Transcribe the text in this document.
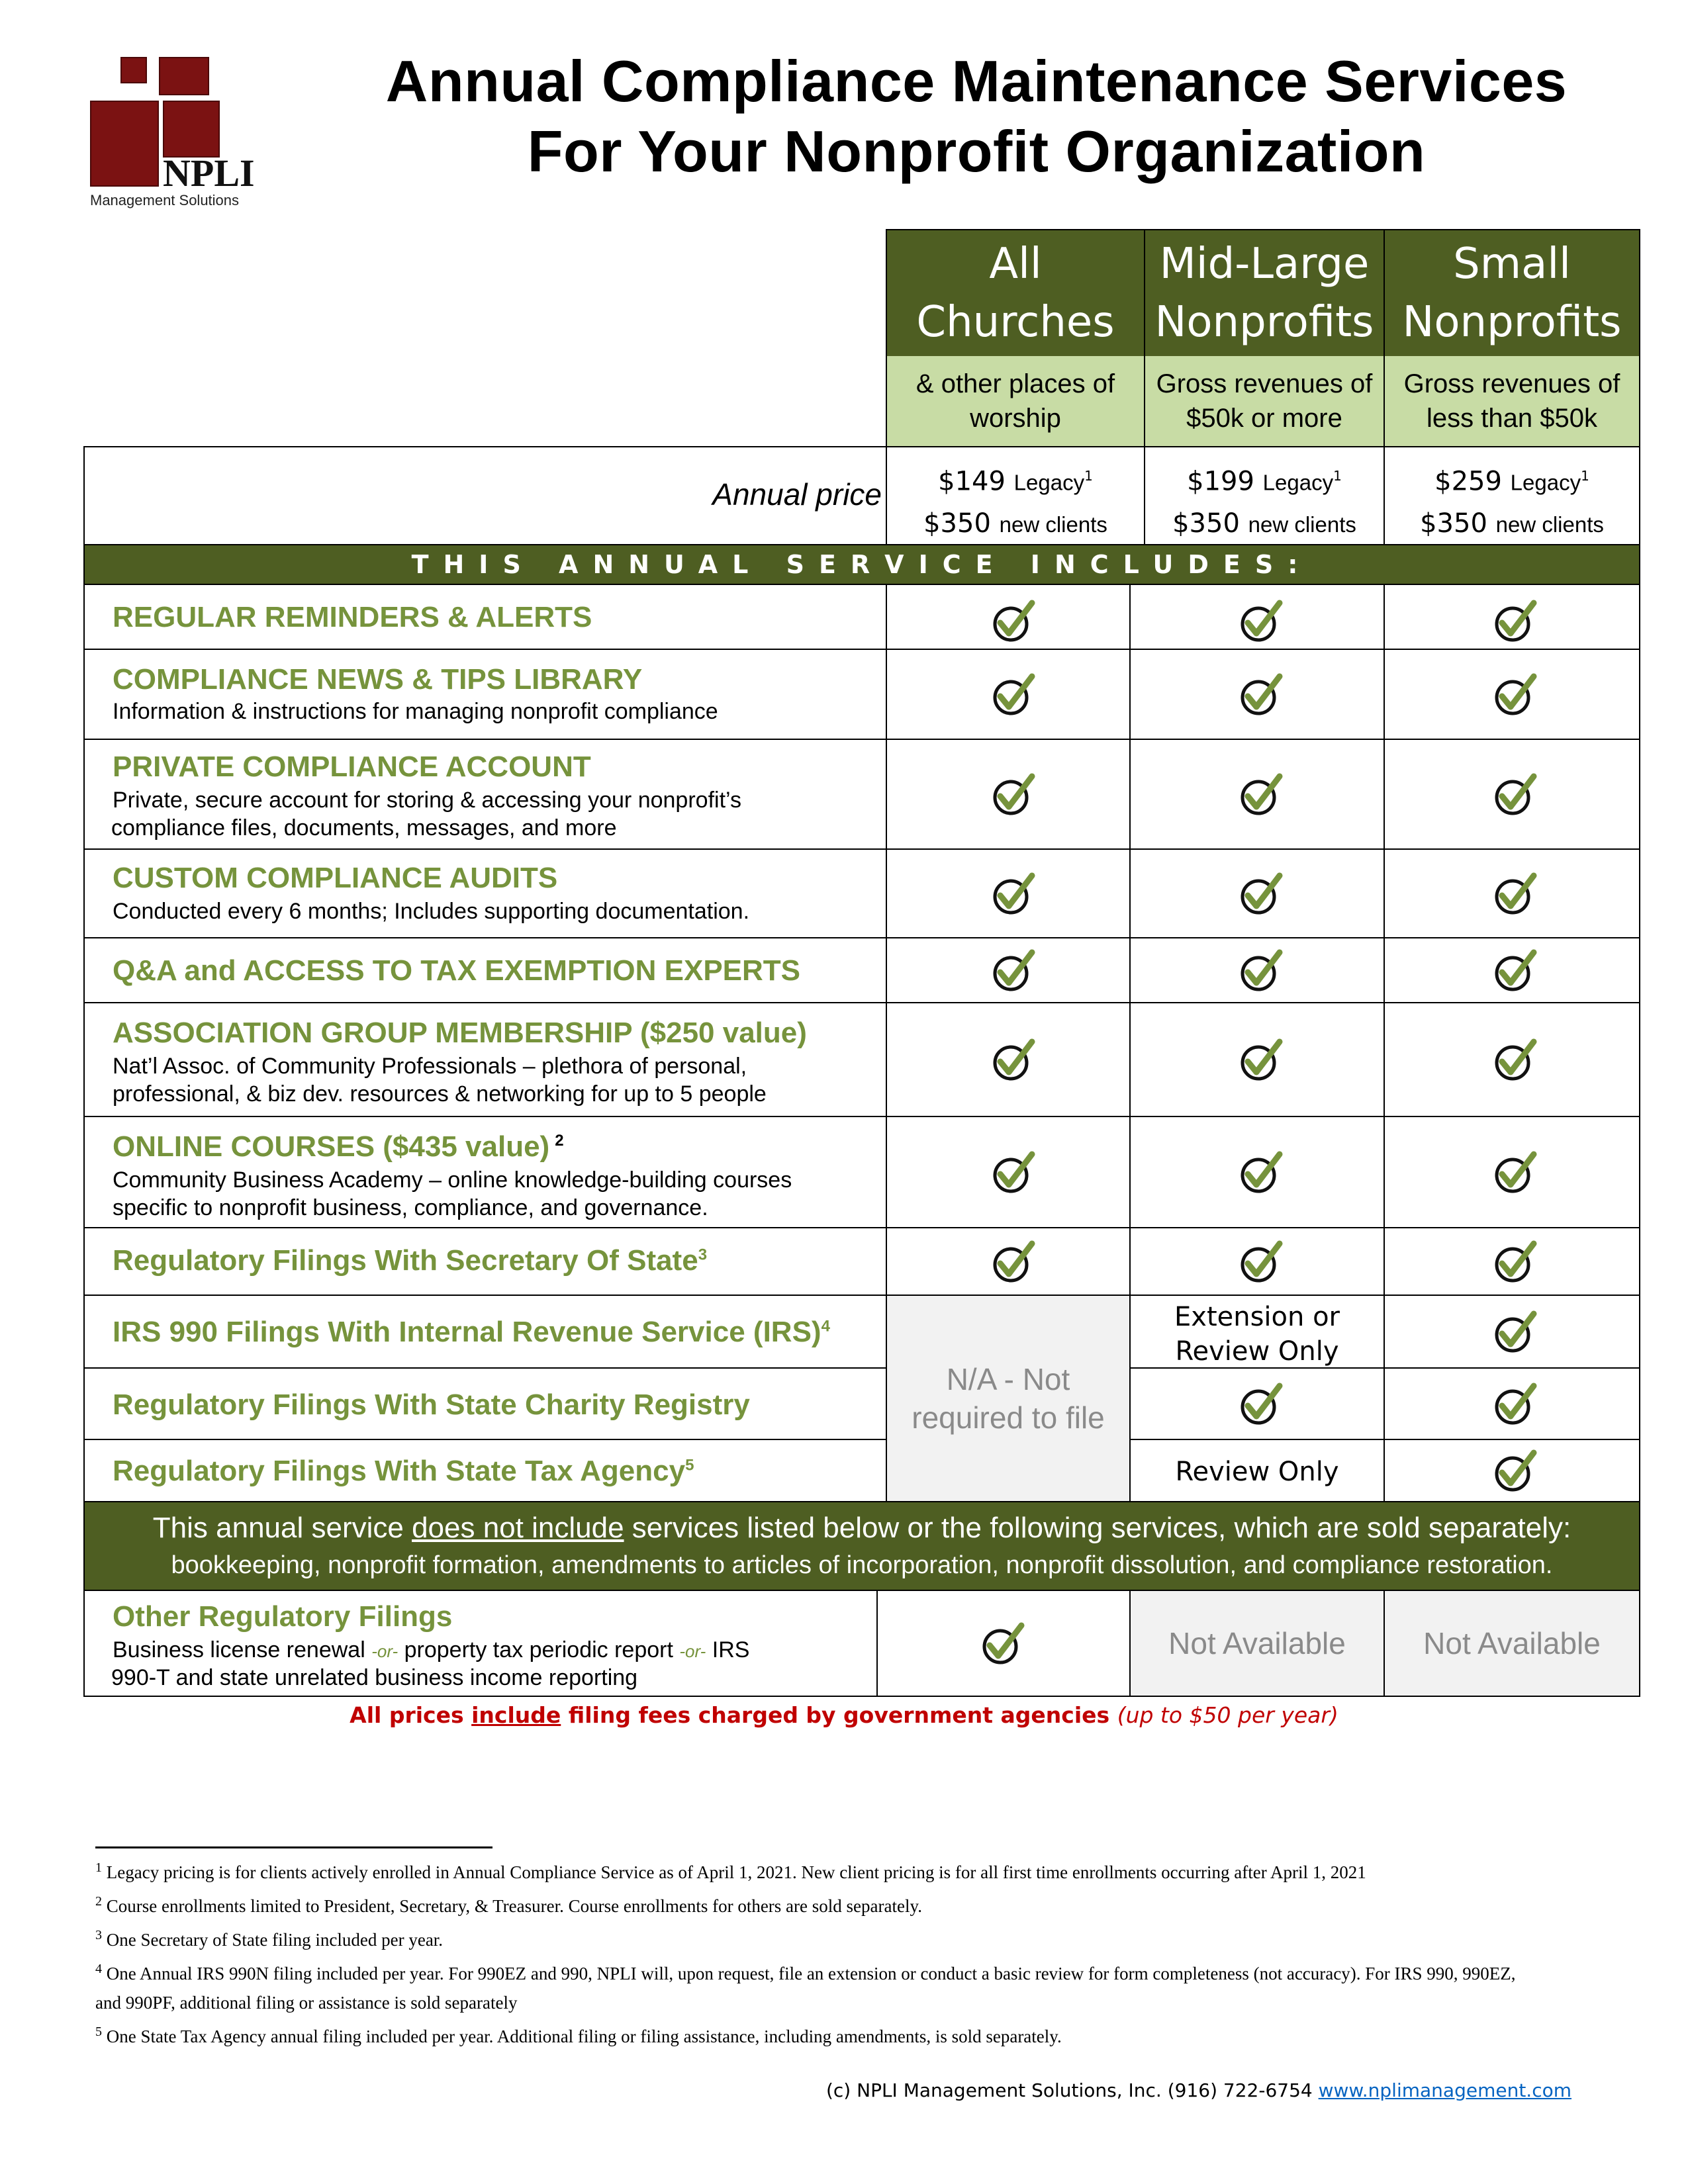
NPLI
Management Solutions
Annual Compliance Maintenance Services
For Your Nonprofit Organization
All
Churches
& other places of
worship
Mid-Large
Nonprofits
Gross revenues of
$50k or more
Small
Nonprofits
Gross revenues of
less than $50k
Annual price	$149 Legacy$^1$
$350 new clients
$199 Legacy$^1$
$350 new clients
$259 Legacy$^1$
$350 new clients
THIS ANNUAL SERVICE INCLUDES:
REGULAR REMINDERS & ALERTS
COMPLIANCE NEWS & TIPS LIBRARY
Information & instructions for managing nonprofit compliance
PRIVATE COMPLIANCE ACCOUNT
Private, secure account for storing & accessing your nonprofit’s
compliance files, documents, messages, and more
CUSTOM COMPLIANCE AUDITS
Conducted every 6 months; Includes supporting documentation.
Q&A and ACCESS TO TAX EXEMPTION EXPERTS
ASSOCIATION GROUP MEMBERSHIP ($250 value)
Nat’l Assoc. of Community Professionals – plethora of personal,
professional, & biz dev. resources & networking for up to 5 people
ONLINE COURSES ($435 value) $^2$
Community Business Academy – online knowledge-building courses
specific to nonprofit business, compliance, and governance.
Regulatory Filings With Secretary Of State$^3$
IRS 990 Filings With Internal Revenue Service (IRS)$^4$
Regulatory Filings With State Charity Registry
Regulatory Filings With State Tax Agency$^5$
N/A - Not
required to file
Extension or
Review Only
Review Only
This annual service does not include services listed below or the following services, which are sold separately:
bookkeeping, nonprofit formation, amendments to articles of incorporation, nonprofit dissolution, and compliance restoration.
Other Regulatory Filings
Business license renewal -or- property tax periodic report -or- IRS
990-T and state unrelated business income reporting
Not Available	Not Available
All prices include filing fees charged by government agencies (up to $50 per year)
$^1$ Legacy pricing is for clients actively enrolled in Annual Compliance Service as of April 1, 2021. New client pricing is for all first time enrollments occurring after April 1, 2021
$^2$ Course enrollments limited to President, Secretary, & Treasurer. Course enrollments for others are sold separately.
$^3$ One Secretary of State filing included per year.
$^4$ One Annual IRS 990N filing included per year. For 990EZ and 990, NPLI will, upon request, file an extension or conduct a basic review for form completeness (not accuracy). For IRS 990, 990EZ,
and 990PF, additional filing or assistance is sold separately
$^5$ One State Tax Agency annual filing included per year. Additional filing or filing assistance, including amendments, is sold separately.
(c) NPLI Management Solutions, Inc. (916) 722-6754 www.nplimanagement.com
